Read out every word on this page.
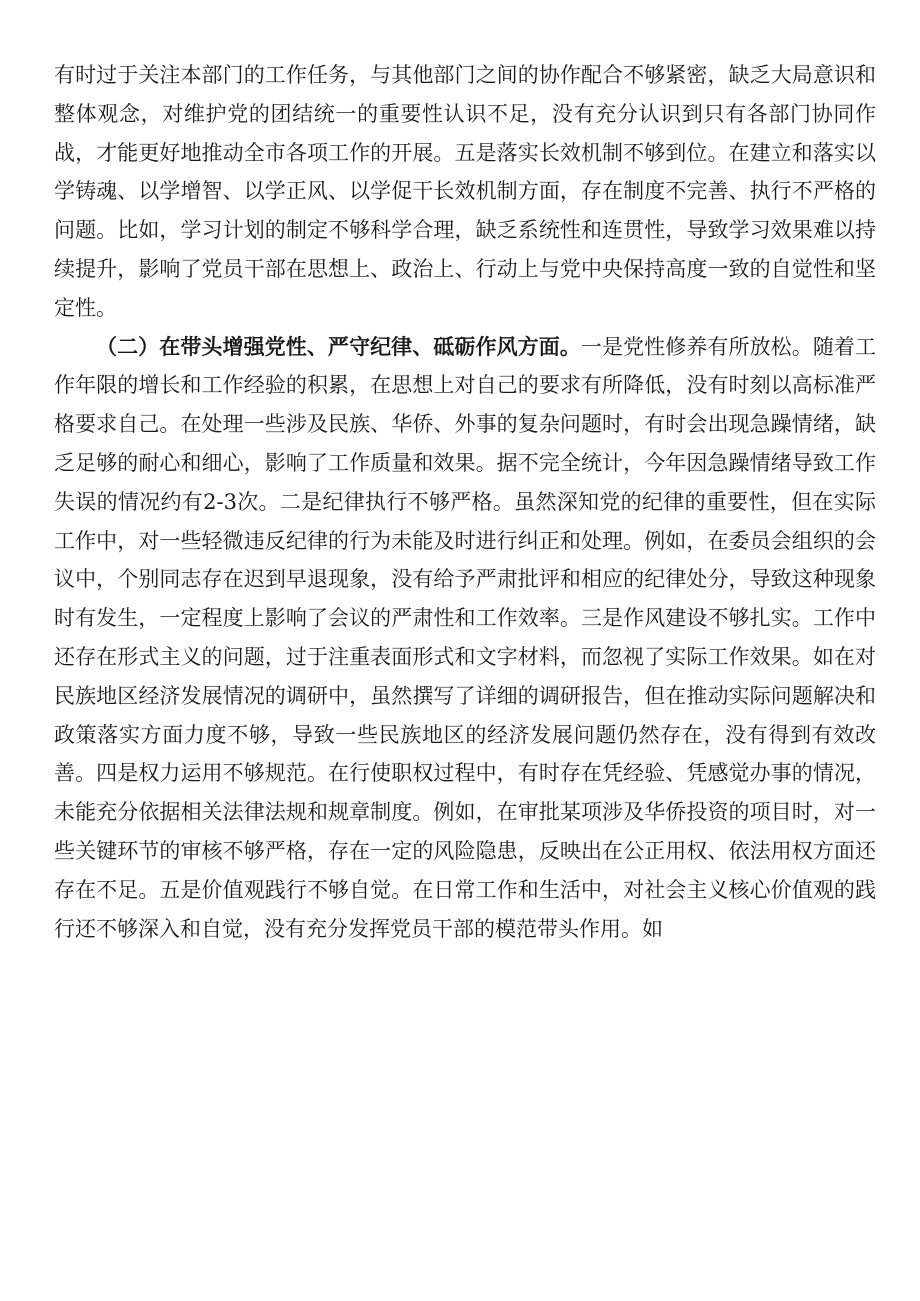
有时过于关注本部门的工作任务，与其他部门之间的协作配合不够紧密，缺乏大局意识和整体观念，对维护党的团结统一的重要性认识不足，没有充分认识到只有各部门协同作战，才能更好地推动全市各项工作的开展。五是落实长效机制不够到位。在建立和落实以学铸魂、以学增智、以学正风、以学促干长效机制方面，存在制度不完善、执行不严格的问题。比如，学习计划的制定不够科学合理，缺乏系统性和连贯性，导致学习效果难以持续提升，影响了党员干部在思想上、政治上、行动上与党中央保持高度一致的自觉性和坚定性。

（二）在带头增强党性、严守纪律、砥砺作风方面。一是党性修养有所放松。随着工作年限的增长和工作经验的积累，在思想上对自己的要求有所降低，没有时刻以高标准严格要求自己。在处理一些涉及民族、华侨、外事的复杂问题时，有时会出现急躁情绪，缺乏足够的耐心和细心，影响了工作质量和效果。据不完全统计，今年因急躁情绪导致工作失误的情况约有2-3次。二是纪律执行不够严格。虽然深知党的纪律的重要性，但在实际工作中，对一些轻微违反纪律的行为未能及时进行纠正和处理。例如，在委员会组织的会议中，个别同志存在迟到早退现象，没有给予严肃批评和相应的纪律处分，导致这种现象时有发生，一定程度上影响了会议的严肃性和工作效率。三是作风建设不够扎实。工作中还存在形式主义的问题，过于注重表面形式和文字材料，而忽视了实际工作效果。如在对民族地区经济发展情况的调研中，虽然撰写了详细的调研报告，但在推动实际问题解决和政策落实方面力度不够，导致一些民族地区的经济发展问题仍然存在，没有得到有效改善。四是权力运用不够规范。在行使职权过程中，有时存在凭经验、凭感觉办事的情况，未能充分依据相关法律法规和规章制度。例如，在审批某项涉及华侨投资的项目时，对一些关键环节的审核不够严格，存在一定的风险隐患，反映出在公正用权、依法用权方面还存在不足。五是价值观践行不够自觉。在日常工作和生活中，对社会主义核心价值观的践行还不够深入和自觉，没有充分发挥党员干部的模范带头作用。如
